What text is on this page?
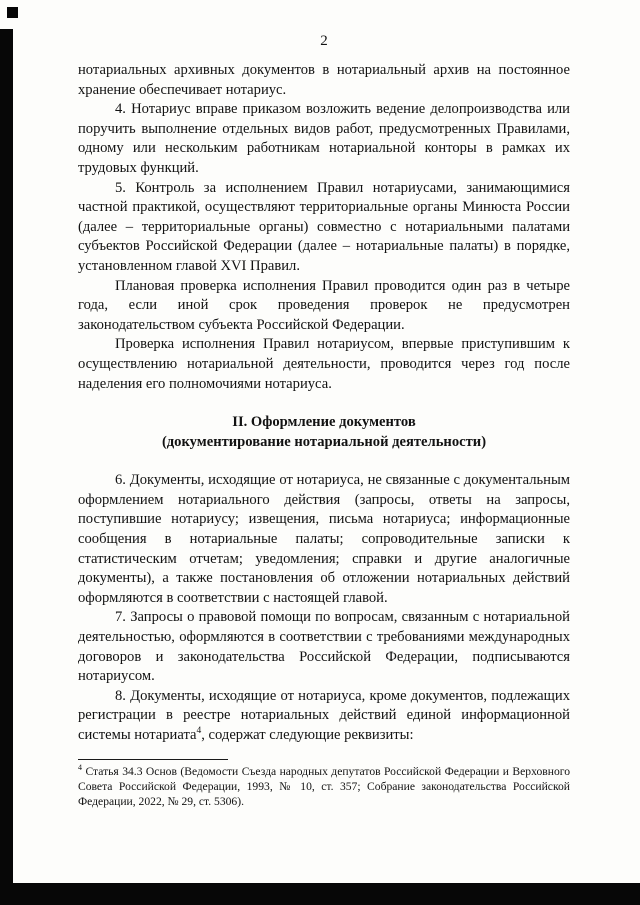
2

нотариальных архивных документов в нотариальный архив на постоянное хранение обеспечивает нотариус.

4. Нотариус вправе приказом возложить ведение делопроизводства или поручить выполнение отдельных видов работ, предусмотренных Правилами, одному или нескольким работникам нотариальной конторы в рамках их трудовых функций.

5. Контроль за исполнением Правил нотариусами, занимающимися частной практикой, осуществляют территориальные органы Минюста России (далее – территориальные органы) совместно с нотариальными палатами субъектов Российской Федерации (далее – нотариальные палаты) в порядке, установленном главой XVI Правил.

Плановая проверка исполнения Правил проводится один раз в четыре года, если иной срок проведения проверок не предусмотрен законодательством субъекта Российской Федерации.

Проверка исполнения Правил нотариусом, впервые приступившим к осуществлению нотариальной деятельности, проводится через год после наделения его полномочиями нотариуса.

II. Оформление документов
(документирование нотариальной деятельности)

6. Документы, исходящие от нотариуса, не связанные с документальным оформлением нотариального действия (запросы, ответы на запросы, поступившие нотариусу; извещения, письма нотариуса; информационные сообщения в нотариальные палаты; сопроводительные записки к статистическим отчетам; уведомления; справки и другие аналогичные документы), а также постановления об отложении нотариальных действий оформляются в соответствии с настоящей главой.

7. Запросы о правовой помощи по вопросам, связанным с нотариальной деятельностью, оформляются в соответствии с требованиями международных договоров и законодательства Российской Федерации, подписываются нотариусом.

8. Документы, исходящие от нотариуса, кроме документов, подлежащих регистрации в реестре нотариальных действий единой информационной системы нотариата$^4$, содержат следующие реквизиты:

$^4$ Статья 34.3 Основ (Ведомости Съезда народных депутатов Российской Федерации и Верховного Совета Российской Федерации, 1993, № 10, ст. 357; Собрание законодательства Российской Федерации, 2022, № 29, ст. 5306).
